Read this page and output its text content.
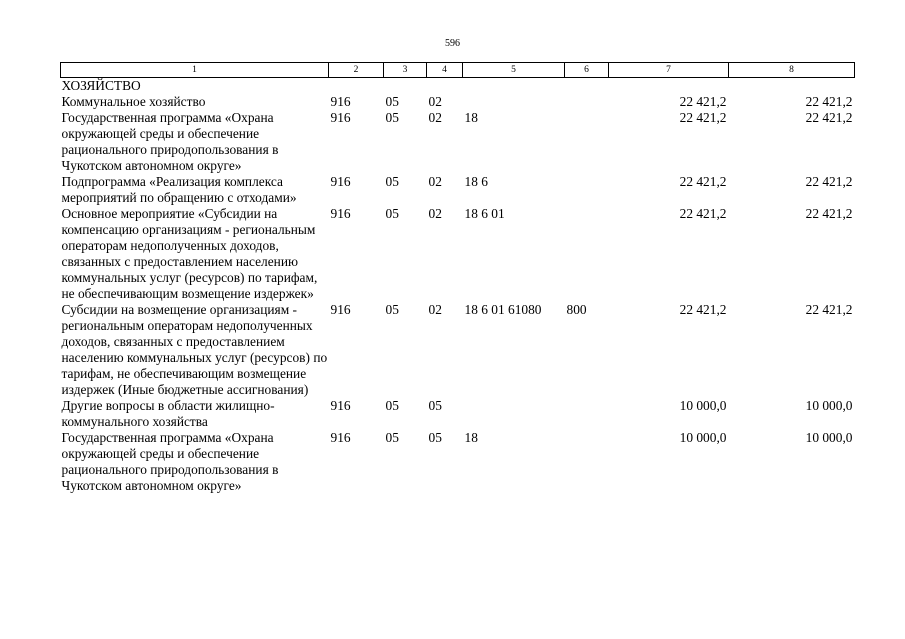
596
1	2	3	4	5	6	7	8
ХОЗЯЙСТВО							
Коммунальное хозяйство	916	05	02			22 421,2	22 421,2
Государственная программа «Охрана окружающей среды и обеспечение рационального природопользования в Чукотском автономном округе»	916	05	02	18		22 421,2	22 421,2
Подпрограмма «Реализация комплекса мероприятий по обращению с отходами»	916	05	02	18 6		22 421,2	22 421,2
Основное мероприятие «Субсидии на компенсацию организациям - региональным операторам недополученных доходов, связанных с предоставлением населению коммунальных услуг (ресурсов) по тарифам, не обеспечивающим возмещение издержек»	916	05	02	18 6 01		22 421,2	22 421,2
Субсидии на возмещение организациям - региональным операторам недополученных доходов, связанных с предоставлением населению коммунальных услуг (ресурсов) по тарифам, не обеспечивающим возмещение издержек (Иные бюджетные ассигнования)	916	05	02	18 6 01 61080	800	22 421,2	22 421,2
Другие вопросы в области жилищно-коммунального хозяйства	916	05	05			10 000,0	10 000,0
Государственная программа «Охрана окружающей среды и обеспечение рационального природопользования в Чукотском автономном округе»	916	05	05	18		10 000,0	10 000,0
